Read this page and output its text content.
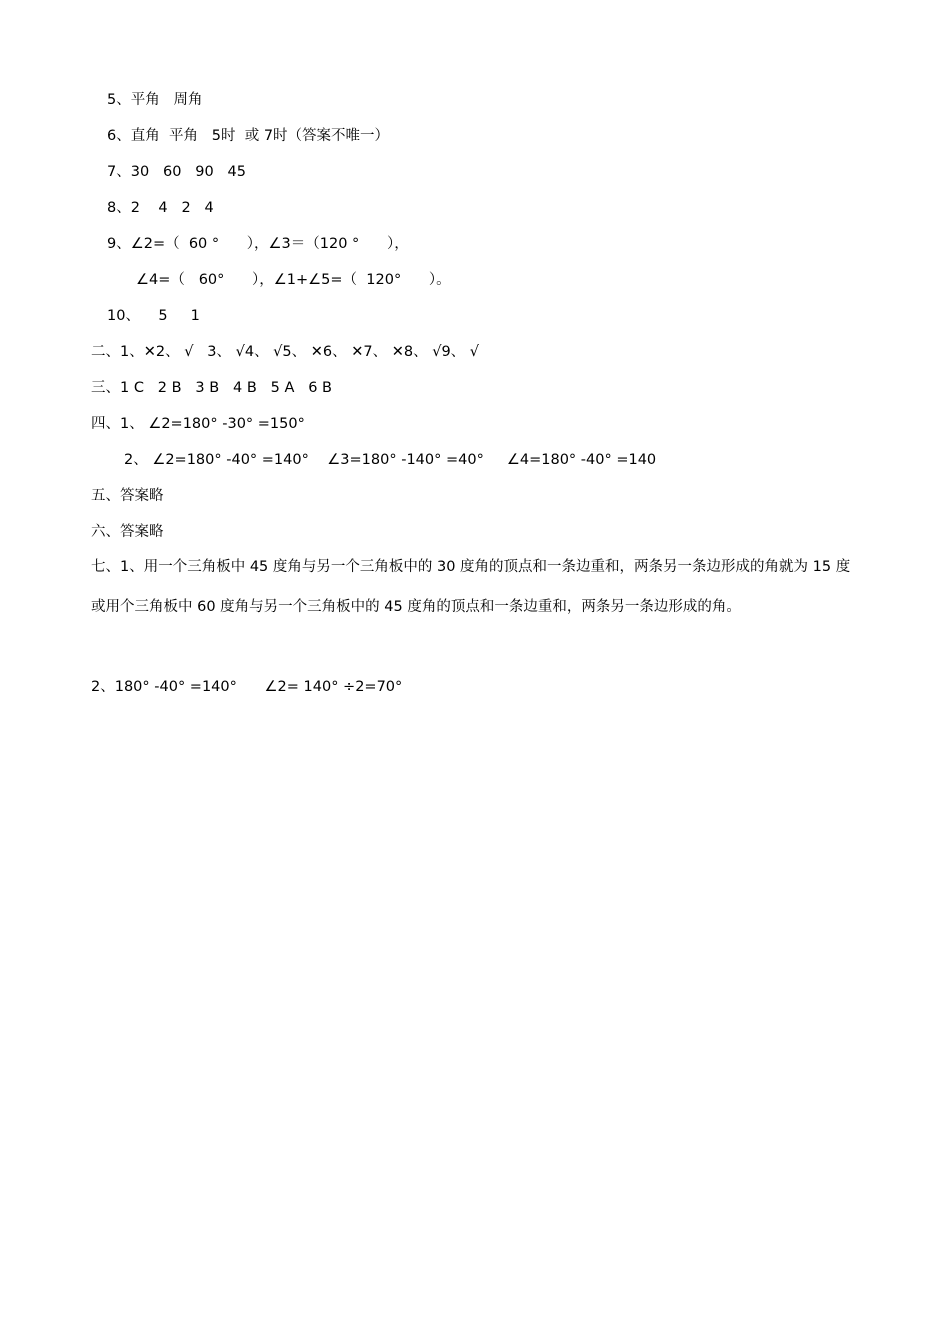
5、平角   周角
6、直角  平角   5时  或 7时（答案不唯一）
7、30   60   90   45
8、2    4   2   4
9、∠2=（  60 °      ），∠3＝（120 °      ），
∠4=（   60°      ），∠1+∠5=（  120°      ）。
10、    5     1
二、1、✕2、 √   3、 √4、 √5、 ✕6、 ✕7、 ✕8、 √9、 √
三、1 C   2 B   3 B   4 B   5 A   6 B
四、1、 ∠2=180° -30° =150°
2、 ∠2=180° -40° =140°    ∠3=180° -140° =40°     ∠4=180° -40° =140
五、答案略
六、答案略
七、1、用一个三角板中 45 度角与另一个三角板中的 30 度角的顶点和一条边重和，两条另一条边形成的角就为 15 度或用个三角板中 60 度角与另一个三角板中的 45 度角的顶点和一条边重和，两条另一条边形成的角。
2、180° -40° =140°      ∠2= 140° ÷2=70°
